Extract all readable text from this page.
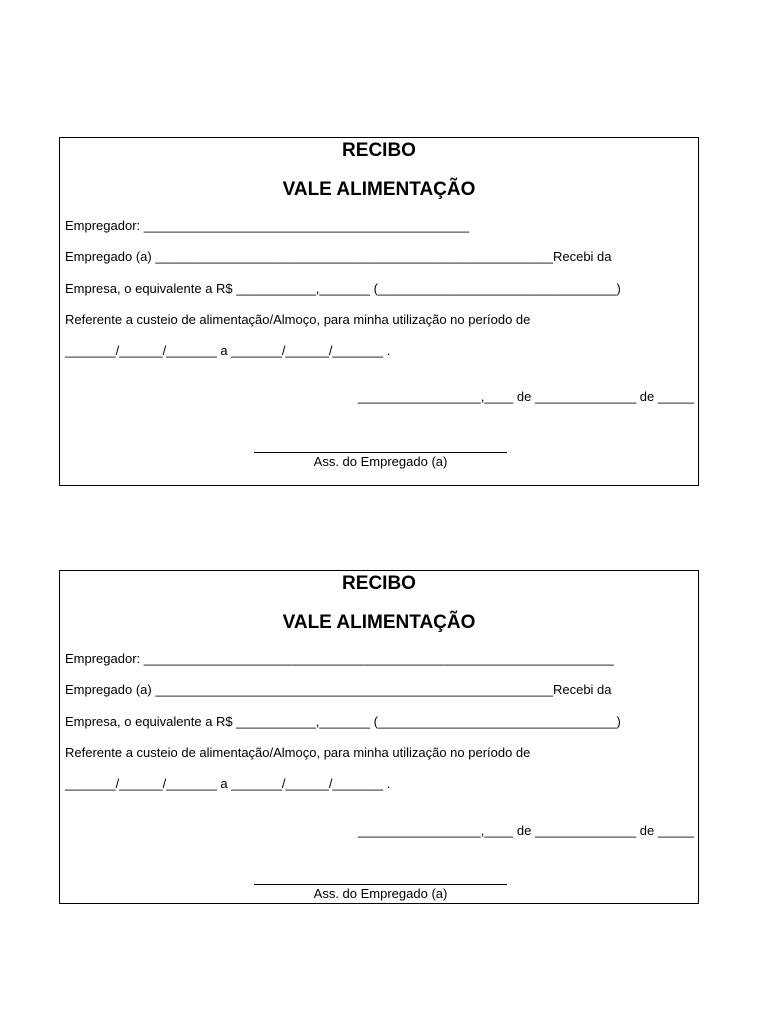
RECIBO
VALE ALIMENTAÇÃO
Empregador: _____________________________________________
Empregado (a) _______________________________________________________Recebi da
Empresa, o equivalente a R$ ___________,_______ (_________________________________)
Referente a custeio de alimentação/Almoço, para minha utilização no período de
_______/______/_______ a _______/______/_______ .
_________________,____ de ______________ de _____
Ass. do Empregado (a)
RECIBO
VALE ALIMENTAÇÃO
Empregador: _________________________________________________________________
Empregado (a) _______________________________________________________Recebi da
Empresa, o equivalente a R$ ___________,_______ (_________________________________)
Referente a custeio de alimentação/Almoço, para minha utilização no período de
_______/______/_______ a _______/______/_______ .
_________________,____ de ______________ de _____
Ass. do Empregado (a)
